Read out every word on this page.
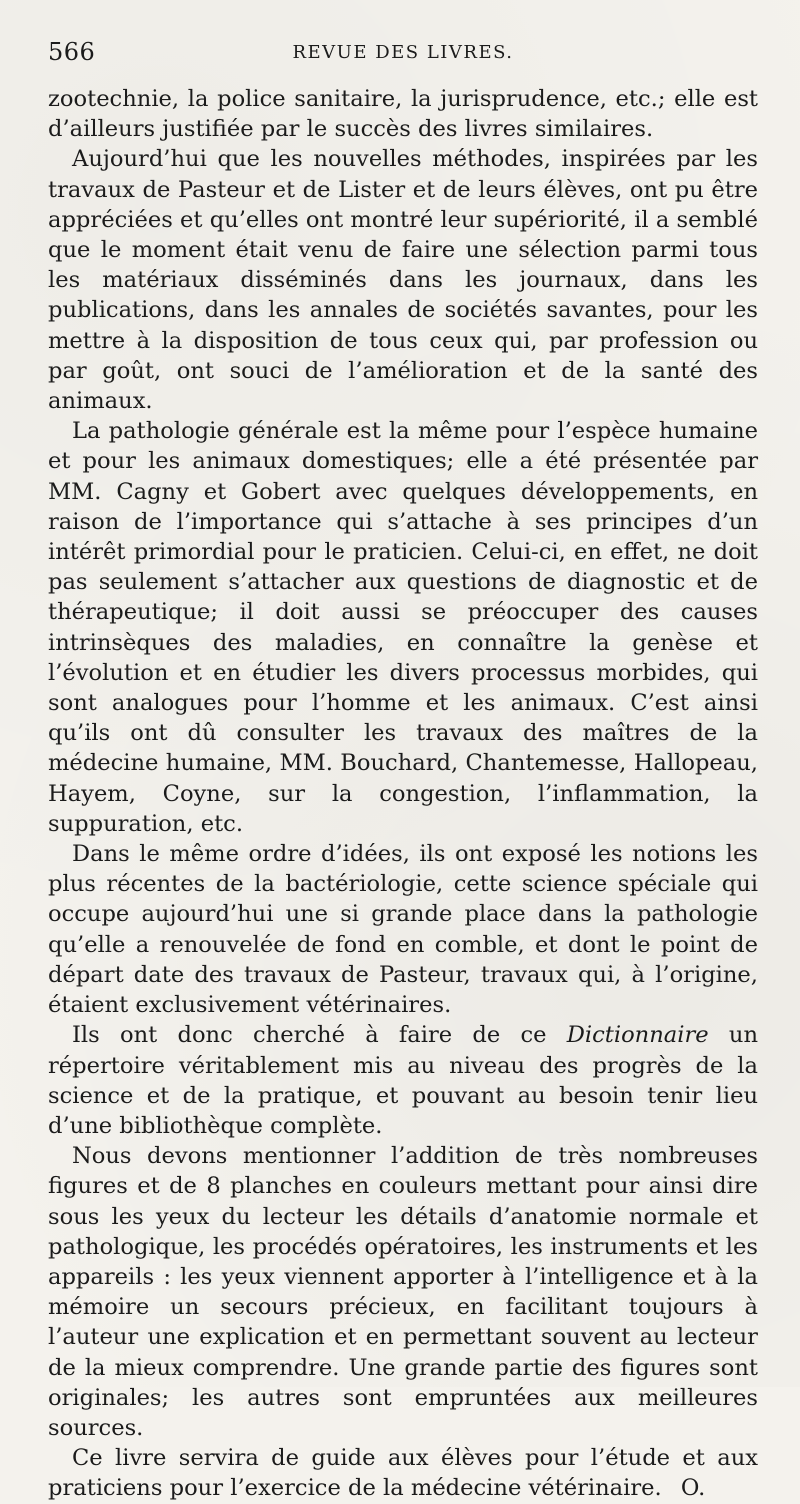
566	REVUE DES LIVRES.

zootechnie, la police sanitaire, la jurisprudence, etc.; elle est d’ailleurs justifiée par le succès des livres similaires.

Aujourd’hui que les nouvelles méthodes, inspirées par les travaux de Pasteur et de Lister et de leurs élèves, ont pu être appréciées et qu’elles ont montré leur supériorité, il a semblé que le moment était venu de faire une sélection parmi tous les matériaux disséminés dans les journaux, dans les publications, dans les annales de sociétés savantes, pour les mettre à la disposition de tous ceux qui, par profession ou par goût, ont souci de l’amélioration et de la santé des animaux.

La pathologie générale est la même pour l’espèce humaine et pour les animaux domestiques; elle a été présentée par MM. Cagny et Gobert avec quelques développements, en raison de l’importance qui s’attache à ses principes d’un intérêt primordial pour le praticien. Celui-ci, en effet, ne doit pas seulement s’attacher aux questions de diagnostic et de thérapeutique; il doit aussi se préoccuper des causes intrinsèques des maladies, en connaître la genèse et l’évolution et en étudier les divers processus morbides, qui sont analogues pour l’homme et les animaux. C’est ainsi qu’ils ont dû consulter les travaux des maîtres de la médecine humaine, MM. Bouchard, Chantemesse, Hallopeau, Hayem, Coyne, sur la congestion, l’inflammation, la suppuration, etc.

Dans le même ordre d’idées, ils ont exposé les notions les plus récentes de la bactériologie, cette science spéciale qui occupe aujourd’hui une si grande place dans la pathologie qu’elle a renouvelée de fond en comble, et dont le point de départ date des travaux de Pasteur, travaux qui, à l’origine, étaient exclusivement vétérinaires.

Ils ont donc cherché à faire de ce Dictionnaire un répertoire véritablement mis au niveau des progrès de la science et de la pratique, et pouvant au besoin tenir lieu d’une bibliothèque complète.

Nous devons mentionner l’addition de très nombreuses figures et de 8 planches en couleurs mettant pour ainsi dire sous les yeux du lecteur les détails d’anatomie normale et pathologique, les procédés opératoires, les instruments et les appareils : les yeux viennent apporter à l’intelligence et à la mémoire un secours précieux, en facilitant toujours à l’auteur une explication et en permettant souvent au lecteur de la mieux comprendre. Une grande partie des figures sont originales; les autres sont empruntées aux meilleures sources.

Ce livre servira de guide aux élèves pour l’étude et aux praticiens pour l’exercice de la médecine vétérinaire. O.
